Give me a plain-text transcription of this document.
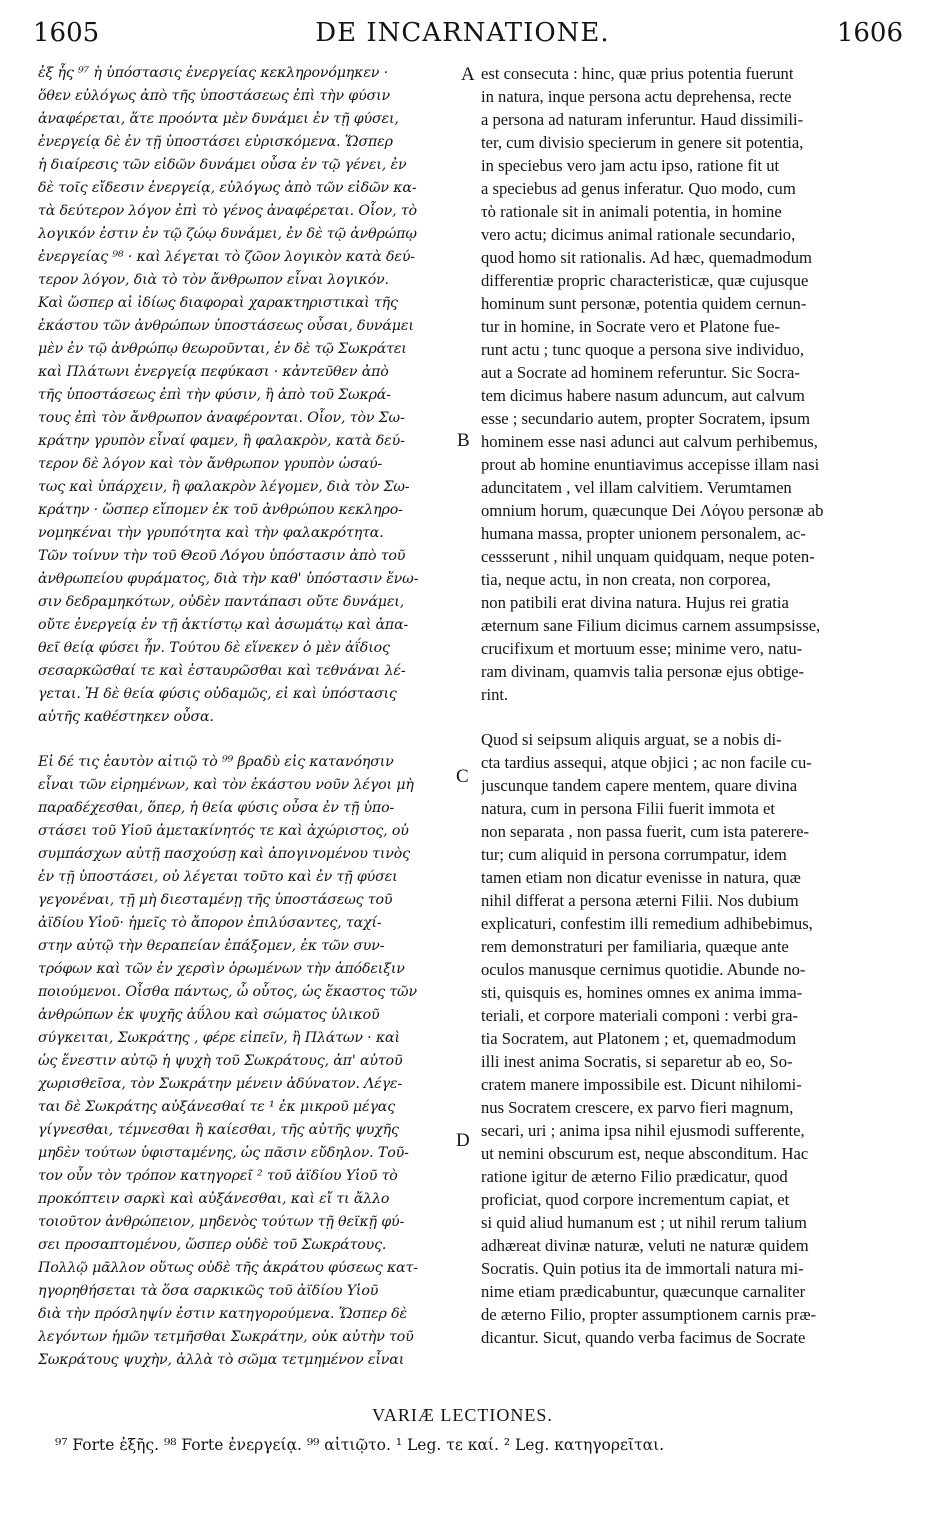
1605	DE INCARNATIONE.	1606
ἐξ ἧς ⁹⁷ ἡ ὑπόστασις ἐνεργείας κεκληρονόμηκεν ·
ὅθεν εὐλόγως ἀπὸ τῆς ὑποστάσεως ἐπὶ τὴν φύσιν
ἀναφέρεται, ἅτε προόντα μὲν δυνάμει ἐν τῇ φύσει,
ἐνεργείᾳ δὲ ἐν τῇ ὑποστάσει εὑρισκόμενα. Ὥσπερ
ἡ διαίρεσις τῶν εἰδῶν δυνάμει οὖσα ἐν τῷ γένει, ἐν
δὲ τοῖς εἴδεσιν ἐνεργείᾳ, εὐλόγως ἀπὸ τῶν εἰδῶν κα-
τὰ δεύτερον λόγον ἐπὶ τὸ γένος ἀναφέρεται. Οἷον, τὸ
λογικόν ἐστιν ἐν τῷ ζώῳ δυνάμει, ἐν δὲ τῷ ἀνθρώπῳ
ἐνεργείας ⁹⁸ · καὶ λέγεται τὸ ζῶον λογικὸν κατὰ δεύ-
τερον λόγον, διὰ τὸ τὸν ἄνθρωπον εἶναι λογικόν.
Καὶ ὥσπερ αἱ ἰδίως διαφοραὶ χαρακτηριστικαὶ τῆς
ἑκάστου τῶν ἀνθρώπων ὑποστάσεως οὖσαι, δυνάμει
μὲν ἐν τῷ ἀνθρώπῳ θεωροῦνται, ἐν δὲ τῷ Σωκράτει
καὶ Πλάτωνι ἐνεργείᾳ πεφύκασι · κἀντεῦθεν ἀπὸ
τῆς ὑποστάσεως ἐπὶ τὴν φύσιν, ἢ ἀπὸ τοῦ Σωκρά-
τους ἐπὶ τὸν ἄνθρωπον ἀναφέρονται. Οἷον, τὸν Σω-
κράτην γρυπὸν εἶναί φαμεν, ἢ φαλακρὸν, κατὰ δεύ-
τερον δὲ λόγον καὶ τὸν ἄνθρωπον γρυπὸν ὡσαύ-
τως καὶ ὑπάρχειν, ἢ φαλακρὸν λέγομεν, διὰ τὸν Σω-
κράτην · ὥσπερ εἴπομεν ἐκ τοῦ ἀνθρώπου κεκληρο-
νομηκέναι τὴν γρυπότητα καὶ τὴν φαλακρότητα.
Τῶν τοίνυν τὴν τοῦ Θεοῦ Λόγου ὑπόστασιν ἀπὸ τοῦ
ἀνθρωπείου φυράματος, διὰ τὴν καθ' ὑπόστασιν ἕνω-
σιν δεδραμηκότων, οὐδὲν παντάπασι οὔτε δυνάμει,
οὔτε ἐνεργείᾳ ἐν τῇ ἀκτίστῳ καὶ ἀσωμάτῳ καὶ ἀπα-
θεῖ θείᾳ φύσει ἦν. Τούτου δὲ εἵνεκεν ὁ μὲν ἀΐδιος
σεσαρκῶσθαί τε καὶ ἐσταυρῶσθαι καὶ τεθνάναι λέ-
γεται. Ἡ δὲ θεία φύσις οὐδαμῶς, εἰ καὶ ὑπόστασις
αὐτῆς καθέστηκεν οὖσα.
Εἰ δέ τις ἑαυτὸν αἰτιῷ τὸ ⁹⁹ βραδὺ εἰς κατανόησιν
εἶναι τῶν εἰρημένων, καὶ τὸν ἑκάστου νοῦν λέγοι μὴ
παραδέχεσθαι, ὅπερ, ἡ θεία φύσις οὖσα ἐν τῇ ὑπο-
στάσει τοῦ Υἱοῦ ἀμετακίνητός τε καὶ ἀχώριστος, οὐ
συμπάσχων αὐτῇ πασχούσῃ καὶ ἀπογινομένου τινὸς
ἐν τῇ ὑποστάσει, οὐ λέγεται τοῦτο καὶ ἐν τῇ φύσει
γεγονέναι, τῇ μὴ διεσταμένῃ τῆς ὑποστάσεως τοῦ
ἀϊδίου Υἱοῦ· ἡμεῖς τὸ ἄπορον ἐπιλύσαντες, ταχί-
στην αὐτῷ τὴν θεραπείαν ἐπάξομεν, ἐκ τῶν συν-
τρόφων καὶ τῶν ἐν χερσὶν ὁρωμένων τὴν ἀπόδειξιν
ποιούμενοι. Οἶσθα πάντως, ὦ οὗτος, ὡς ἕκαστος τῶν
ἀνθρώπων ἐκ ψυχῆς ἀΰλου καὶ σώματος ὑλικοῦ
σύγκειται, Σωκράτης , φέρε εἰπεῖν, ἢ Πλάτων · καὶ
ὡς ἔνεστιν αὐτῷ ἡ ψυχὴ τοῦ Σωκράτους, ἀπ' αὐτοῦ
χωρισθεῖσα, τὸν Σωκράτην μένειν ἀδύνατον. Λέγε-
ται δὲ Σωκράτης αὐξάνεσθαί τε ¹ ἐκ μικροῦ μέγας
γίγνεσθαι, τέμνεσθαι ἢ καίεσθαι, τῆς αὐτῆς ψυχῆς
μηδὲν τούτων ὑφισταμένης, ὡς πᾶσιν εὔδηλον. Τοῦ-
τον οὖν τὸν τρόπον κατηγορεῖ ² τοῦ ἀϊδίου Υἱοῦ τὸ
προκόπτειν σαρκὶ καὶ αὐξάνεσθαι, καὶ εἴ τι ἄλλο
τοιοῦτον ἀνθρώπειον, μηδενὸς τούτων τῇ θεϊκῇ φύ-
σει προσαπτομένου, ὥσπερ οὐδὲ τοῦ Σωκράτους.
Πολλῷ μᾶλλον οὕτως οὐδὲ τῆς ἀκράτου φύσεως κατ-
ηγορηθήσεται τὰ ὅσα σαρκικῶς τοῦ ἀϊδίου Υἱοῦ
διὰ τὴν πρόσληψίν ἐστιν κατηγορούμενα. Ὥσπερ δὲ
λεγόντων ἡμῶν τετμῆσθαι Σωκράτην, οὐκ αὐτὴν τοῦ
Σωκράτους ψυχὴν, ἀλλὰ τὸ σῶμα τετμημένον εἶναι
est consecuta : hinc, quæ prius potentia fuerunt
in natura, inque persona actu deprehensa, recte
a persona ad naturam inferuntur. Haud dissimili-
ter, cum divisio specierum in genere sit potentia,
in speciebus vero jam actu ipso, ratione fit ut
a speciebus ad genus inferatur. Quo modo, cum
τὸ rationale sit in animali potentia, in homine
vero actu; dicimus animal rationale secundario,
quod homo sit rationalis. Ad hæc, quemadmodum
differentiæ propric characteristicæ, quæ cujusque
hominum sunt personæ, potentia quidem cernun-
tur in homine, in Socrate vero et Platone fue-
runt actu ; tunc quoque a persona sive individuo,
aut a Socrate ad hominem referuntur. Sic Socra-
tem dicimus habere nasum aduncum, aut calvum
esse ; secundario autem, propter Socratem, ipsum
hominem esse nasi adunci aut calvum perhibemus,
prout ab homine enuntiavimus accepisse illam nasi
aduncitatem , vel illam calvitiem. Verumtamen
omnium horum, quæcunque Dei Λόγου personæ ab
humana massa, propter unionem personalem, ac-
cessserunt , nihil unquam quidquam, neque poten-
tia, neque actu, in non creata, non corporea,
non patibili erat divina natura. Hujus rei gratia
æternum sane Filium dicimus carnem assumpsisse,
crucifixum et mortuum esse; minime vero, natu-
ram divinam, quamvis talia personæ ejus obtige-
rint.
Quod si seipsum aliquis arguat, se a nobis di-
cta tardius assequi, atque objici ; ac non facile cu-
juscunque tandem capere mentem, quare divina
natura, cum in persona Filii fuerit immota et
non separata , non passa fuerit, cum ista paterere-
tur; cum aliquid in persona corrumpatur, idem
tamen etiam non dicatur evenisse in natura, quæ
nihil differat a persona æterni Filii. Nos dubium
explicaturi, confestim illi remedium adhibebimus,
rem demonstraturi per familiaria, quæque ante
oculos manusque cernimus quotidie. Abunde no-
sti, quisquis es, homines omnes ex anima imma-
teriali, et corpore materiali componi : verbi gra-
tia Socratem, aut Platonem ; et, quemadmodum
illi inest anima Socratis, si separetur ab eo, So-
cratem manere impossibile est. Dicunt nihilomi-
nus Socratem crescere, ex parvo fieri magnum,
secari, uri ; anima ipsa nihil ejusmodi sufferente,
ut nemini obscurum est, neque absconditum. Hac
ratione igitur de æterno Filio prædicatur, quod
proficiat, quod corpore incrementum capiat, et
si quid aliud humanum est ; ut nihil rerum talium
adhæreat divinæ naturæ, veluti ne naturæ quidem
Socratis. Quin potius ita de immortali natura mi-
nime etiam prædicabuntur, quæcunque carnaliter
de æterno Filio, propter assumptionem carnis præ-
dicantur. Sicut, quando verba facimus de Socrate
A
B
C
D
VARIÆ LECTIONES.
⁹⁷ Forte ἐξῆς. ⁹⁸ Forte ἐνεργείᾳ. ⁹⁹ αἰτιῷτο. ¹ Leg. τε καί. ² Leg. κατηγορεῖται.
